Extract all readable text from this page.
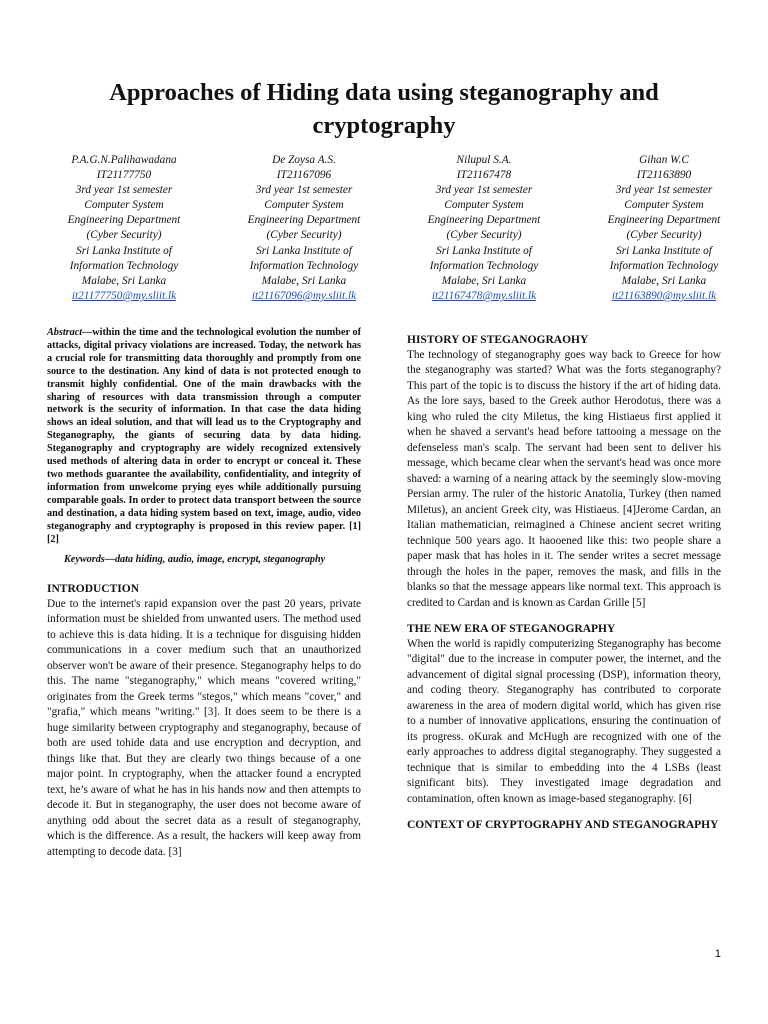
Approaches of Hiding data using steganography and cryptography
P.A.G.N.Palihawadana
IT21177750
3rd year 1st semester
Computer System
Engineering Department
(Cyber Security)
Sri Lanka Institute of
Information Technology
Malabe, Sri Lanka
it21177750@my.sliit.lk
De Zoysa A.S.
IT21167096
3rd year 1st semester
Computer System
Engineering Department
(Cyber Security)
Sri Lanka Institute of
Information Technology
Malabe, Sri Lanka
it21167096@my.sliit.lk
Nilupul S.A.
IT21167478
3rd year 1st semester
Computer System
Engineering Department
(Cyber Security)
Sri Lanka Institute of
Information Technology
Malabe, Sri Lanka
it21167478@my.sliit.lk
Gihan W.C
IT21163890
3rd year 1st semester
Computer System
Engineering Department
(Cyber Security)
Sri Lanka Institute of
Information Technology
Malabe, Sri Lanka
it21163890@my.sliit.lk

Abstract—within the time and the technological evolution the number of attacks, digital privacy violations are increased. Today, the network has a crucial role for transmitting data thoroughly and promptly from one source to the destination. Any kind of data is not protected enough to transmit highly confidential. One of the main drawbacks with the sharing of resources with data transmission through a computer network is the security of information. In that case the data hiding shows an ideal solution, and that will lead us to the Cryptography and Steganography, the giants of securing data by data hiding. Steganography and cryptography are widely recognized extensively used methods of altering data in order to encrypt or conceal it. These two methods guarantee the availability, confidentiality, and integrity of information from unwelcome prying eyes while additionally pursuing comparable goals. In order to protect data transport between the source and destination, a data hiding system based on text, image, audio, video steganography and cryptography is proposed in this review paper. [1] [2]

Keywords—data hiding, audio, image, encrypt, steganography

INTRODUCTION

Due to the internet's rapid expansion over the past 20 years, private information must be shielded from unwanted users. The method used to achieve this is data hiding. It is a technique for disguising hidden communications in a cover medium such that an unauthorized observer won't be aware of their presence. Steganography helps to do this. The name "steganography," which means "covered writing," originates from the Greek terms "stegos," which means "cover," and "grafia," which means "writing." [3]. It does seem to be there is a huge similarity between cryptography and steganography, because of both are used tohide data and use encryption and decryption, and things like that. But they are clearly two things because of a one major point. In cryptography, when the attacker found a encrypted text, he’s aware of what he has in his hands now and then attempts to decode it. But in steganography, the user does not become aware of anything odd about the secret data as a result of steganography, which is the difference. As a result, the hackers will keep away from attempting to decode data. [3]

HISTORY OF STEGANOGRAOHY

The technology of steganography goes way back to Greece for how the steganography was started? What was the forts steganography? This part of the topic is to discuss the history if the art of hiding data. As the lore says, based to the Greek author Herodotus, there was a king who ruled the city Miletus, the king Histiaeus first applied it when he shaved a servant's head before tattooing a message on the defenseless man's scalp. The servant had been sent to deliver his message, which became clear when the servant's head was once more shaved: a warning of a nearing attack by the seemingly slow-moving Persian army. The ruler of the historic Anatolia, Turkey (then named Miletus), an ancient Greek city, was Histiaeus. [4]Jerome Cardan, an Italian mathematician, reimagined a Chinese ancient secret writing technique 500 years ago. It haooened like this: two people share a paper mask that has holes in it. The sender writes a secret message through the holes in the paper, removes the mask, and fills in the blanks so that the message appears like normal text. This approach is credited to Cardan and is known as Cardan Grille [5]

THE NEW ERA OF STEGANOGRAPHY

When the world is rapidly computerizing Steganography has become "digital" due to the increase in computer power, the internet, and the advancement of digital signal processing (DSP), information theory, and coding theory. Steganography has contributed to corporate awareness in the area of modern digital world, which has given rise to a number of innovative applications, ensuring the continuation of its progress. oKurak and McHugh are recognized with one of the early approaches to address digital steganography. They suggested a technique that is similar to embedding into the 4 LSBs (least significant bits). They investigated image degradation and contamination, often known as image-based steganography. [6]

CONTEXT OF CRYPTOGRAPHY AND STEGANOGRAPHY

1
